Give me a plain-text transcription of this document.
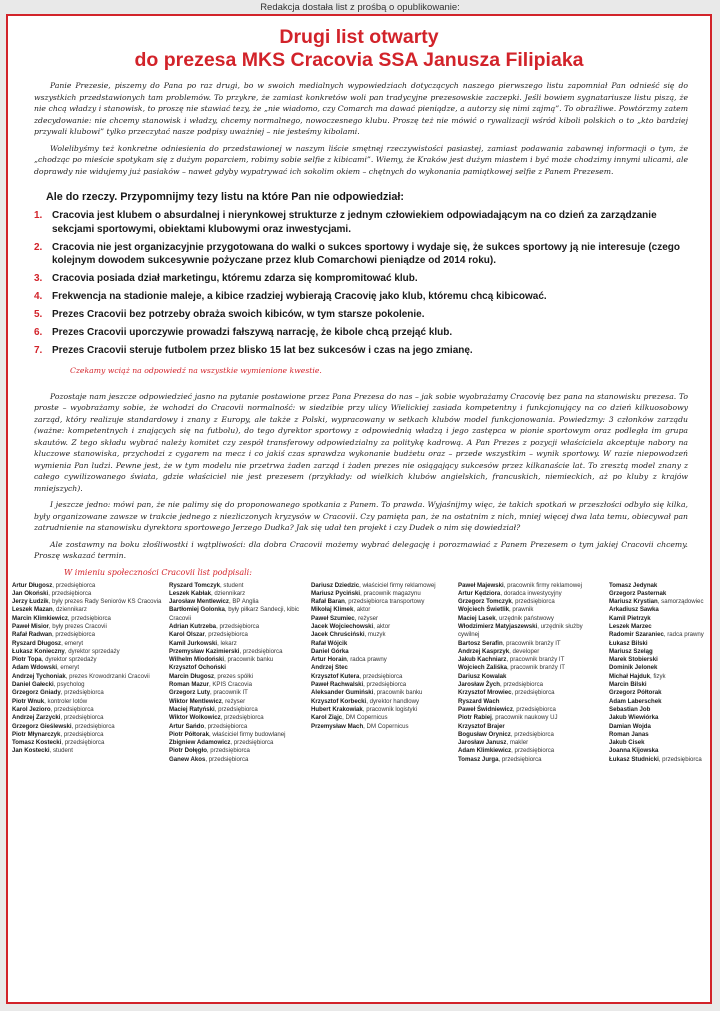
Redakcja dostała list z prośbą o opublikowanie:
Drugi list otwarty
do prezesa MKS Cracovia SSA Janusza Filipiaka

Panie Prezesie, piszemy do Pana po raz drugi, bo w swoich medialnych wypowiedziach dotyczących naszego pierwszego listu zapomniał Pan odnieść się do wszystkich przedstawionych tam problemów. To przykre, że zamiast konkretów woli pan tradycyjne prezesowskie zaczepki. Jeśli bowiem sygnatariusze listu piszą, że nie chcą władzy i stanowisk, to proszę nie stawiać tezy, że „nie wiadomo, czy Comarch ma dawać pieniądze, a autorzy się nimi zajmą”. To obraźliwe. Powtórzmy zatem zdecydowanie: nie chcemy stanowisk i władzy, chcemy normalnego, nowoczesnego klubu. Proszę też nie mówić o rywalizacji wśród kiboli polskich o to „kto bardziej przywali klubowi” tylko przeczytać nasze podpisy uważniej – nie jesteśmy kibolami.

Wolelibyśmy też konkretne odniesienia do przedstawionej w naszym liście smętnej rzeczywistości pasiastej, zamiast podawania zabawnej informacji o tym, że „chodząc po mieście spotykam się z dużym poparciem, robimy sobie selfie z kibicami”. Wiemy, że Kraków jest dużym miastem i być może chodzimy innymi ulicami, ale doprawdy nie widujemy już pasiaków – nawet gdyby wypatrywać ich sokolim okiem – chętnych do wykonania pamiątkowej selfie z Panem Prezesem.

Ale do rzeczy. Przypomnijmy tezy listu na które Pan nie odpowiedział:
1. Cracovia jest klubem o absurdalnej i nierynkowej strukturze z jednym człowiekiem odpowiadającym na co dzień za zarządzanie sekcjami sportowymi, obiektami klubowymi oraz inwestycjami.
2. Cracovia nie jest organizacyjnie przygotowana do walki o sukces sportowy i wydaje się, że sukces sportowy ją nie interesuje (czego kolejnym dowodem sukcesywnie pożyczane przez klub Comarchowi pieniądze od 2014 roku).
3. Cracovia posiada dział marketingu, któremu zdarza się kompromitować klub.
4. Frekwencja na stadionie maleje, a kibice rzadziej wybierają Cracovię jako klub, któremu chcą kibicować.
5. Prezes Cracovii bez potrzeby obraża swoich kibiców, w tym starsze pokolenie.
6. Prezes Cracovii uporczywie prowadzi fałszywą narrację, że kibole chcą przejąć klub.
7. Prezes Cracovii steruje futbolem przez blisko 15 lat bez sukcesów i czas na jego zmianę.
Czekamy wciąż na odpowiedź na wszystkie wymienione kwestie.

Pozostaje nam jeszcze odpowiedzieć jasno na pytanie postawione przez Pana Prezesa do nas – jak sobie wyobrażamy Cracovię bez pana na stanowisku prezesa. To proste – wyobrażamy sobie, że wchodzi do Cracovii normalność: w siedzibie przy ulicy Wielickiej zasiada kompetentny i funkcjonujący na co dzień kilkuosobowy zarząd, który realizuje standardowy i znany z Europy, ale także z Polski, wypracowany w setkach klubów model funkcjonowania. Powiedzmy: 3 członków zarządu (ważne: kompetentnych i znających się na futbolu), do tego dyrektor sportowy z odpowiednią władzą i jego zastępca w pionie sportowym oraz podległa im grupa skautów. Z tego składu wybrać należy komitet czy zespół transferowy odpowiedzialny za politykę kadrową. A Pan Prezes z pozycji właściciela akceptuje nabory na kluczowe stanowiska, przychodzi z cygarem na mecz i co jakiś czas sprawdza wykonanie budżetu oraz – przede wszystkim – wynik sportowy. W razie niepowodzeń wymienia Pan ludzi. Pewne jest, że w tym modelu nie przetrwa żaden zarząd i żaden prezes nie osiągający sukcesów przez kilkanaście lat. To zresztą model znany z całego cywilizowanego świata, gdzie właściciel nie jest prezesem (przykłady: od wielkich klubów angielskich, francuskich, niemieckich, aż po kluby z krajów mniejszych).

I jeszcze jedno: mówi pan, że nie palimy się do proponowanego spotkania z Panem. To prawda. Wyjaśnijmy więc, że takich spotkań w przeszłości odbyło się kilka, były organizowane zawsze w trakcie jednego z niezliczonych kryzysów w Cracovii. Czy pamięta pan, że na ostatnim z nich, mniej więcej dwa lata temu, obiecywał pan zatrudnienie na stanowisku dyrektora sportowego Jerzego Dudka? Jak się udał ten projekt i czy Dudek o nim się dowiedział?

Ale zostawmy na boku złośliwostki i wątpliwości: dla dobra Cracovii możemy wybrać delegację i porozmawiać z Panem Prezesem o tym jakiej Cracovii chcemy. Proszę wskazać termin.

W imieniu społeczności Cracovii list podpisali:

Artur Długosz, przedsiębiorca

Jan Okoński, przedsiębiorca

Jerzy Łudzik, były prezes Rady Seniorów KS Cracovia

Leszek Mazan, dziennikarz

Marcin Klimkiewicz, przedsiębiorca

Paweł Misior, były prezes Cracovii

Rafał Radwan, przedsiębiorca

Ryszard Długosz, emeryt

Łukasz Konieczny, dyrektor sprzedaży

Piotr Topa, dyrektor sprzedaży

Adam Wdowski, emeryt

Andrzej Tychoniak, prezes Krowodrzanki Cracovii

Daniel Gałecki, psycholog

Grzegorz Gniady, przedsiębiorca

Piotr Wnuk, kontroler lotów

Karol Jezioro, przedsiębiorca

Andrzej Zarzycki, przedsiębiorca

Grzegorz Gieślewski, przedsiębiorca

Piotr Młynarczyk, przedsiębiorca

Tomasz Kostecki, przedsiębiorca

Jan Kostecki, student

Ryszard Tomczyk, student

Leszek Kabłak, dziennikarz

Jarosław Mentlewicz, BP Anglia

Bartłomiej Golonka, były piłkarz Sandecji, kibic Cracovii

Adrian Kutrzeba, przedsiębiorca

Karol Olszar, przedsiębiorca

Kamil Jurkowski, lekarz

Przemysław Kazimierski, przedsiębiorca

Wilhelm Miodoński, pracownik banku

Krzysztof Ochoński

Marcin Długosz, prezes spółki

Roman Mazur, KPIS Cracovia

Grzegorz Luty, pracownik IT

Wiktor Mentlewicz, reżyser

Maciej Ratyński, przedsiębiorca

Wiktor Wolkowicz, przedsiębiorca

Artur Sańdo, przedsiębiorca

Piotr Półtorak, właściciel firmy budowlanej

Zbigniew Adamowicz, przedsiębiorca

Piotr Dołęgło, przedsiębiorca

Ganew Akos, przedsiębiorca

Dariusz Dziedzic, właściciel firmy reklamowej

Mariusz Pyciński, pracownik magazynu

Rafał Baran, przedsiębiorca transportowy

Mikołaj Klimek, aktor

Paweł Szumiec, reżyser

Jacek Wojciechowski, aktor

Jacek Chruściński, muzyk

Rafał Wójcik

Daniel Górka

Artur Horain, radca prawny

Andrzej Stec

Krzysztof Kutera, przedsiębiorca

Paweł Rachwalski, przedsiębiorca

Aleksander Gumiński, pracownik banku

Krzysztof Korbecki, dyrektor handlowy

Hubert Krakowiak, pracownik logistyki

Karol Ziąjc, DM Copernicus

Przemysław Mach, DM Copernicus

Paweł Majewski, pracownik firmy reklamowej

Artur Kędziora, doradca inwestycyjny

Grzegorz Tomczyk, przedsiębiorca

Wojciech Świetlik, prawnik

Maciej Lasek, urzędnik państwowy

Włodzimierz Matyjaszewski, urzędnik służby cywilnej

Bartosz Serafin, pracownik branży IT

Andrzej Kasprzyk, developer

Jakub Kachniarz, pracownik branży IT

Wojciech Zaliśka, pracownik branży IT

Dariusz Kowalak

Jarosław Żych, przedsiębiorca

Krzysztof Mrowiec, przedsiębiorca

Ryszard Wach

Paweł Świdniewicz, przedsiębiorca

Piotr Rabiej, pracownik naukowy UJ

Krzysztof Brajer

Bogusław Orynicz, przedsiębiorca

Jarosław Janusz, makler

Adam Klimkiewicz, przedsiębiorca

Tomasz Jurga, przedsiębiorca

Tomasz Jedynak

Grzegorz Pasternak

Mariusz Krystian, samorządowiec

Arkadiusz Sawka

Kamil Pietrzyk

Leszek Marzec

Radomir Szaraniec, radca prawny

Łukasz Bilski

Mariusz Szeląg

Marek Stobierski

Dominik Jelonek

Michał Hajduk, fizyk

Marcin Bilski

Grzegorz Półtorak

Adam Laberschek

Sebastian Job

Jakub Wiewiórka

Damian Wojda

Roman Janas

Jakub Cisek

Joanna Kijowska

Łukasz Studnicki, przedsiębiorca
